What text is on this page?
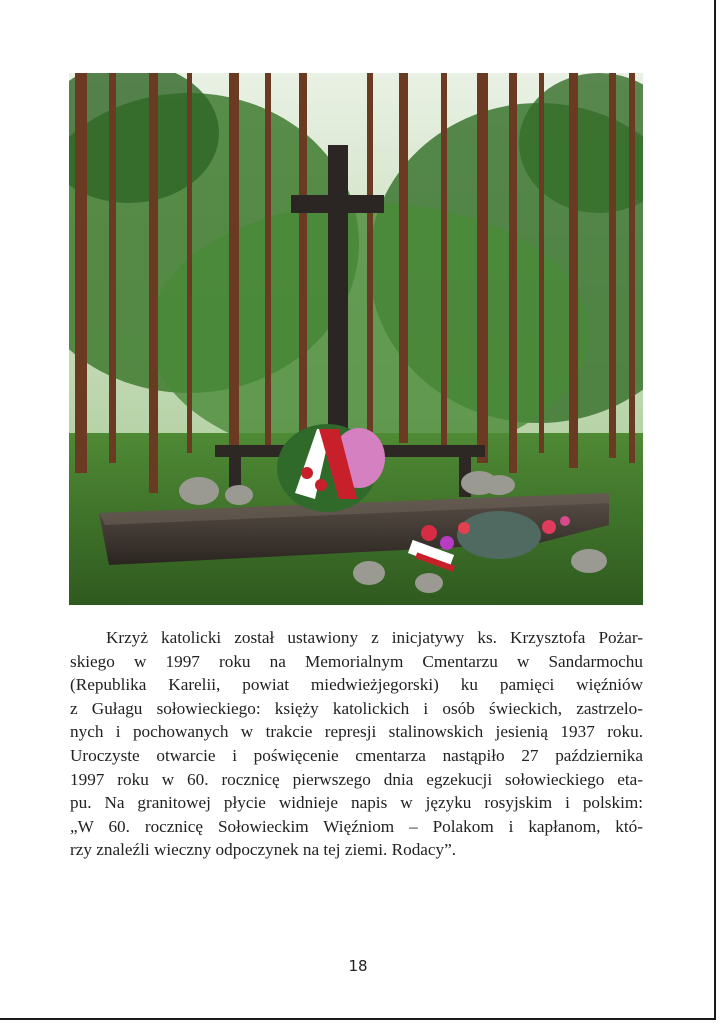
Krzyż katolicki został ustawiony z inicjatywy ks. Krzysztofa Pożar-
skiego w 1997 roku na Memorialnym Cmentarzu w Sandarmochu
(Republika Karelii, powiat miedwieżjegorski) ku pamięci więźniów
z Gułagu sołowieckiego: księży katolickich i osób świeckich, zastrzelo-
nych i pochowanych w trakcie represji stalinowskich jesienią 1937 roku.
Uroczyste otwarcie i poświęcenie cmentarza nastąpiło 27 października
1997 roku w 60. rocznicę pierwszego dnia egzekucji sołowieckiego eta-
pu. Na granitowej płycie widnieje napis w języku rosyjskim i polskim:
„W 60. rocznicę Sołowieckim Więźniom – Polakom i kapłanom, któ-
rzy znaleźli wieczny odpoczynek na tej ziemi. Rodacy”.

18
